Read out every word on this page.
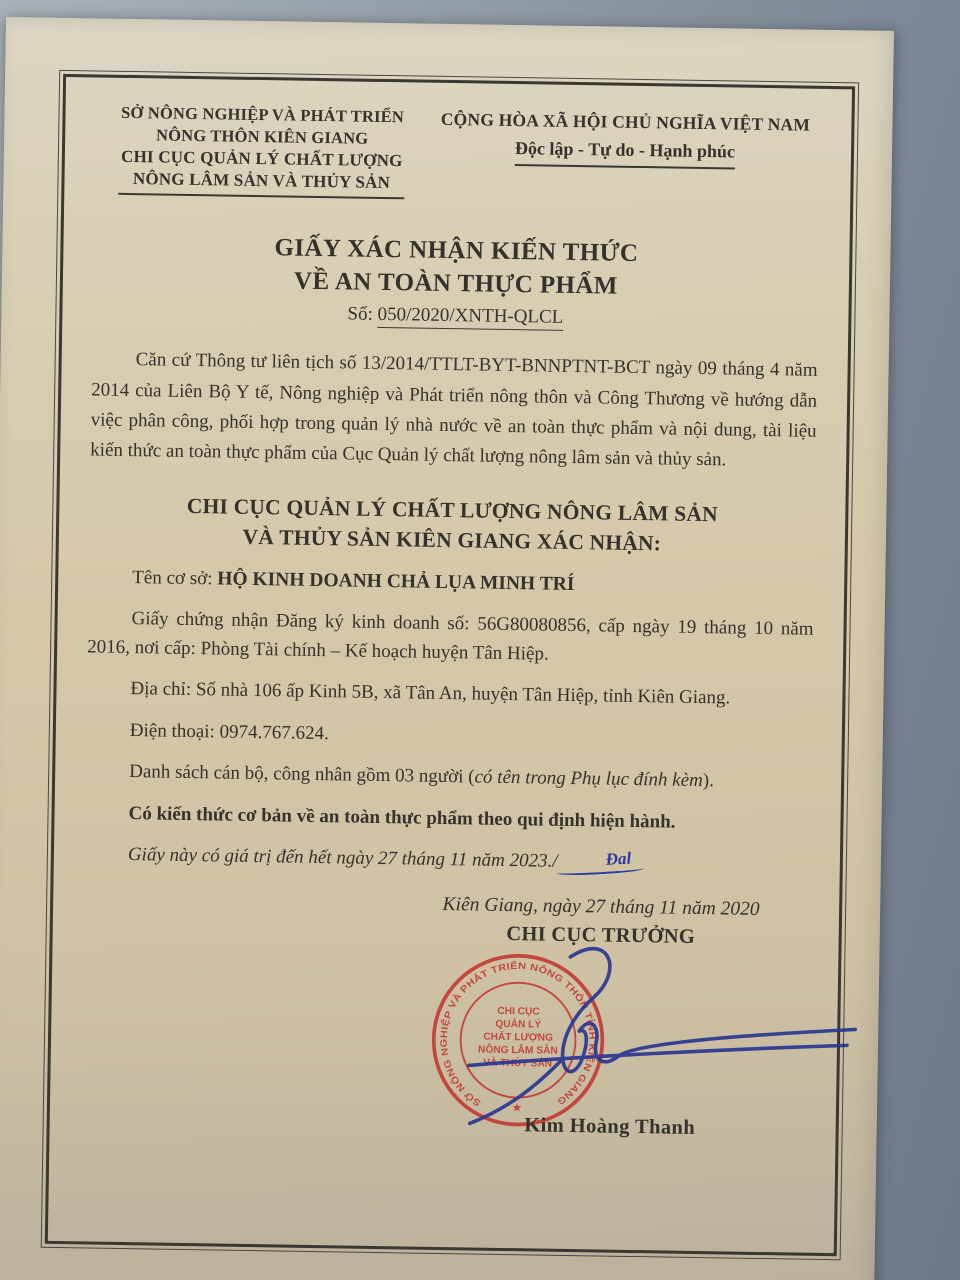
SỞ NÔNG NGHIỆP VÀ PHÁT TRIỂN
NÔNG THÔN KIÊN GIANG
CHI CỤC QUẢN LÝ CHẤT LƯỢNG
NÔNG LÂM SẢN VÀ THỦY SẢN
CỘNG HÒA XÃ HỘI CHỦ NGHĨA VIỆT NAM
Độc lập - Tự do - Hạnh phúc
GIẤY XÁC NHẬN KIẾN THỨC
VỀ AN TOÀN THỰC PHẨM
Số: 050/2020/XNTH-QLCL

Căn cứ Thông tư liên tịch số 13/2014/TTLT-BYT-BNNPTNT-BCT ngày 09 tháng 4 năm 2014 của Liên Bộ Y tế, Nông nghiệp và Phát triển nông thôn và Công Thương về hướng dẫn việc phân công, phối hợp trong quản lý nhà nước về an toàn thực phẩm và nội dung, tài liệu kiến thức an toàn thực phẩm của Cục Quản lý chất lượng nông lâm sản và thủy sản.

CHI CỤC QUẢN LÝ CHẤT LƯỢNG NÔNG LÂM SẢN
VÀ THỦY SẢN KIÊN GIANG XÁC NHẬN:

Tên cơ sở: HỘ KINH DOANH CHẢ LỤA MINH TRÍ

Giấy chứng nhận Đăng ký kinh doanh số: 56G80080856, cấp ngày 19 tháng 10 năm 2016, nơi cấp: Phòng Tài chính – Kế hoạch huyện Tân Hiệp.

Địa chỉ: Số nhà 106 ấp Kinh 5B, xã Tân An, huyện Tân Hiệp, tỉnh Kiên Giang.

Điện thoại: 0974.767.624.

Danh sách cán bộ, công nhân gồm 03 người (có tên trong Phụ lục đính kèm).

Có kiến thức cơ bản về an toàn thực phẩm theo qui định hiện hành.

Giấy này có giá trị đến hết ngày 27 tháng 11 năm 2023./	Đal

Kiên Giang, ngày 27 tháng 11 năm 2020
CHI CỤC TRƯỞNG
SỞ NÔNG NGHIỆP VÀ PHÁT TRIỂN NÔNG THÔN TỈNH KIÊN GIANG
★
CHI CỤC
QUẢN LÝ
CHẤT LƯỢNG
NÔNG LÂM SẢN
VÀ THỦY SẢN
Kim Hoàng Thanh
